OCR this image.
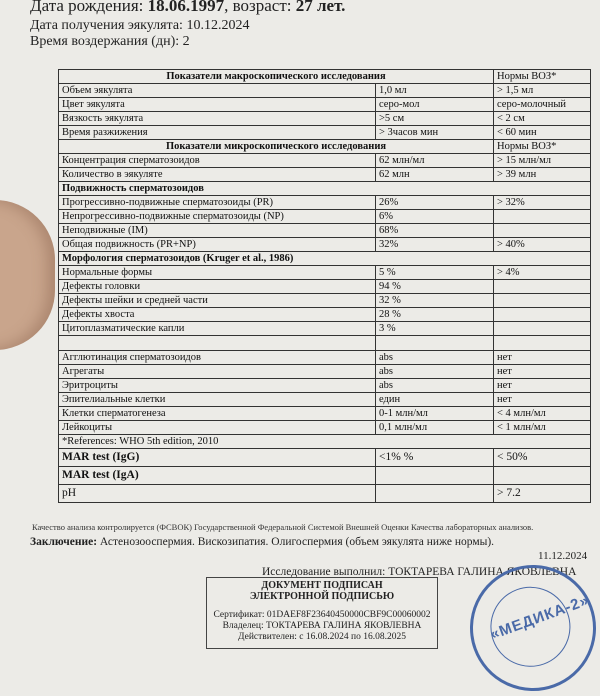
Дата рождения: 18.06.1997, возраст: 27 лет.
Дата получения эякулята: 10.12.2024
Время воздержания (дн): 2
Показатели макроскопического исследования		Нормы ВОЗ*
Объем эякулята	1,0 мл	> 1,5 мл
Цвет эякулята	серо-мол	серо-молочный
Вязкость эякулята	>5 см	< 2 см
Время разжижения	> 3часов мин	< 60 мин
Показатели микроскопического исследования		Нормы ВОЗ*
Концентрация сперматозоидов	62 млн/мл	> 15 млн/мл
Количество в эякуляте	62 млн	> 39 млн
Подвижность сперматозоидов		
Прогрессивно-подвижные сперматозоиды (PR)	26%	> 32%
Непрогрессивно-подвижные сперматозоиды (NP)	6%	
Неподвижные (IM)	68%	
Общая подвижность (PR+NP)	32%	> 40%
Морфология сперматозоидов (Kruger et al., 1986)		
Нормальные формы	5 %	> 4%
Дефекты головки	94 %	
Дефекты шейки и средней части	32 %	
Дефекты хвоста	28 %	
Цитоплазматические капли	3 %	

Агглютинация сперматозоидов	abs	нет
Агрегаты	abs	нет
Эритроциты	abs	нет
Эпителиальные клетки	един	нет
Клетки сперматогенеза	0-1 млн/мл	< 4 млн/мл
Лейкоциты	0,1 млн/мл	< 1 млн/мл
*References: WHO 5th edition, 2010		
MAR test (IgG)	<1% %	< 50%
MAR test (IgA)		
pH		> 7.2
Качество анализа контролируется (ФСВОК) Государственной Федеральной Системой Внешней Оценки Качества лабораторных анализов.
Заключение: Астенозооспермия. Вискозипатия. Олигоспермия (объем эякулята ниже нормы).
11.12.2024
Исследование выполнил: ТОКТАРЕВА ГАЛИНА ЯКОВЛЕВНА
ДОКУМЕНТ ПОДПИСАН
ЭЛЕКТРОННОЙ ПОДПИСЬЮ
Сертификат: 01DAEF8F23640450000CBF9C00060002
Владелец: ТОКТАРЕВА ГАЛИНА ЯКОВЛЕВНА
Действителен: с 16.08.2024 по 16.08.2025	«МЕДИКА-2»
